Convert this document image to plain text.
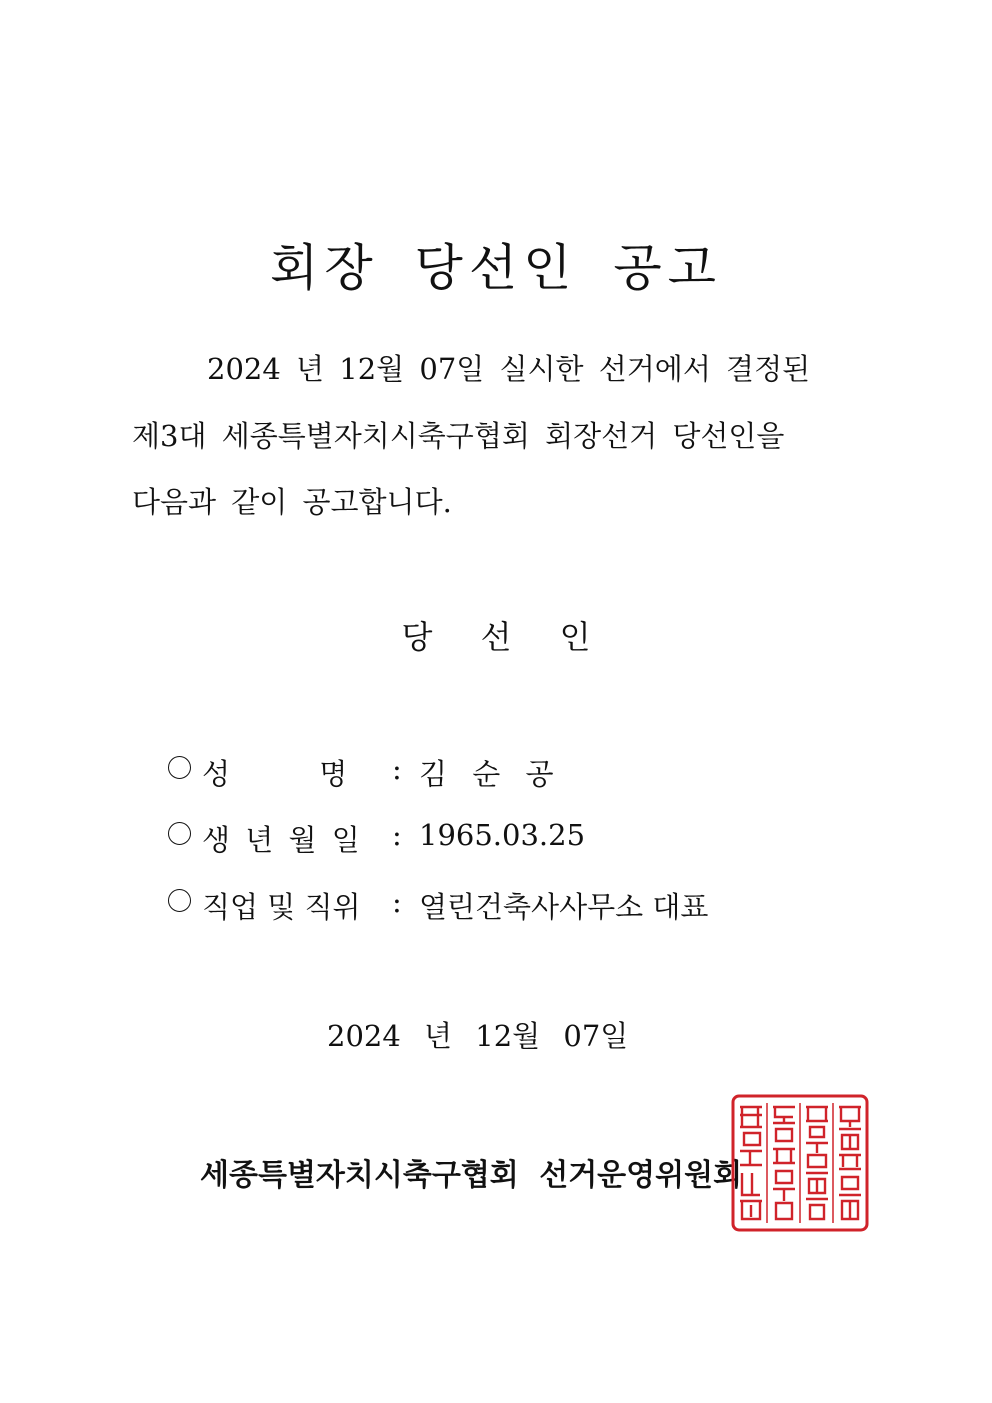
회장 당선인 공고
2024 년 12월 07일 실시한 선거에서 결정된
제3대 세종특별자치시축구협회 회장선거 당선인을
다음과 같이 공고합니다.
당 선 인
성 명	: 김 순 공
생 년 월 일 : 1965.03.25
직업 및 직위 : 열린건축사사무소 대표
2024 년 12월 07일
세종특별자치시축구협회 선거운영위원회
